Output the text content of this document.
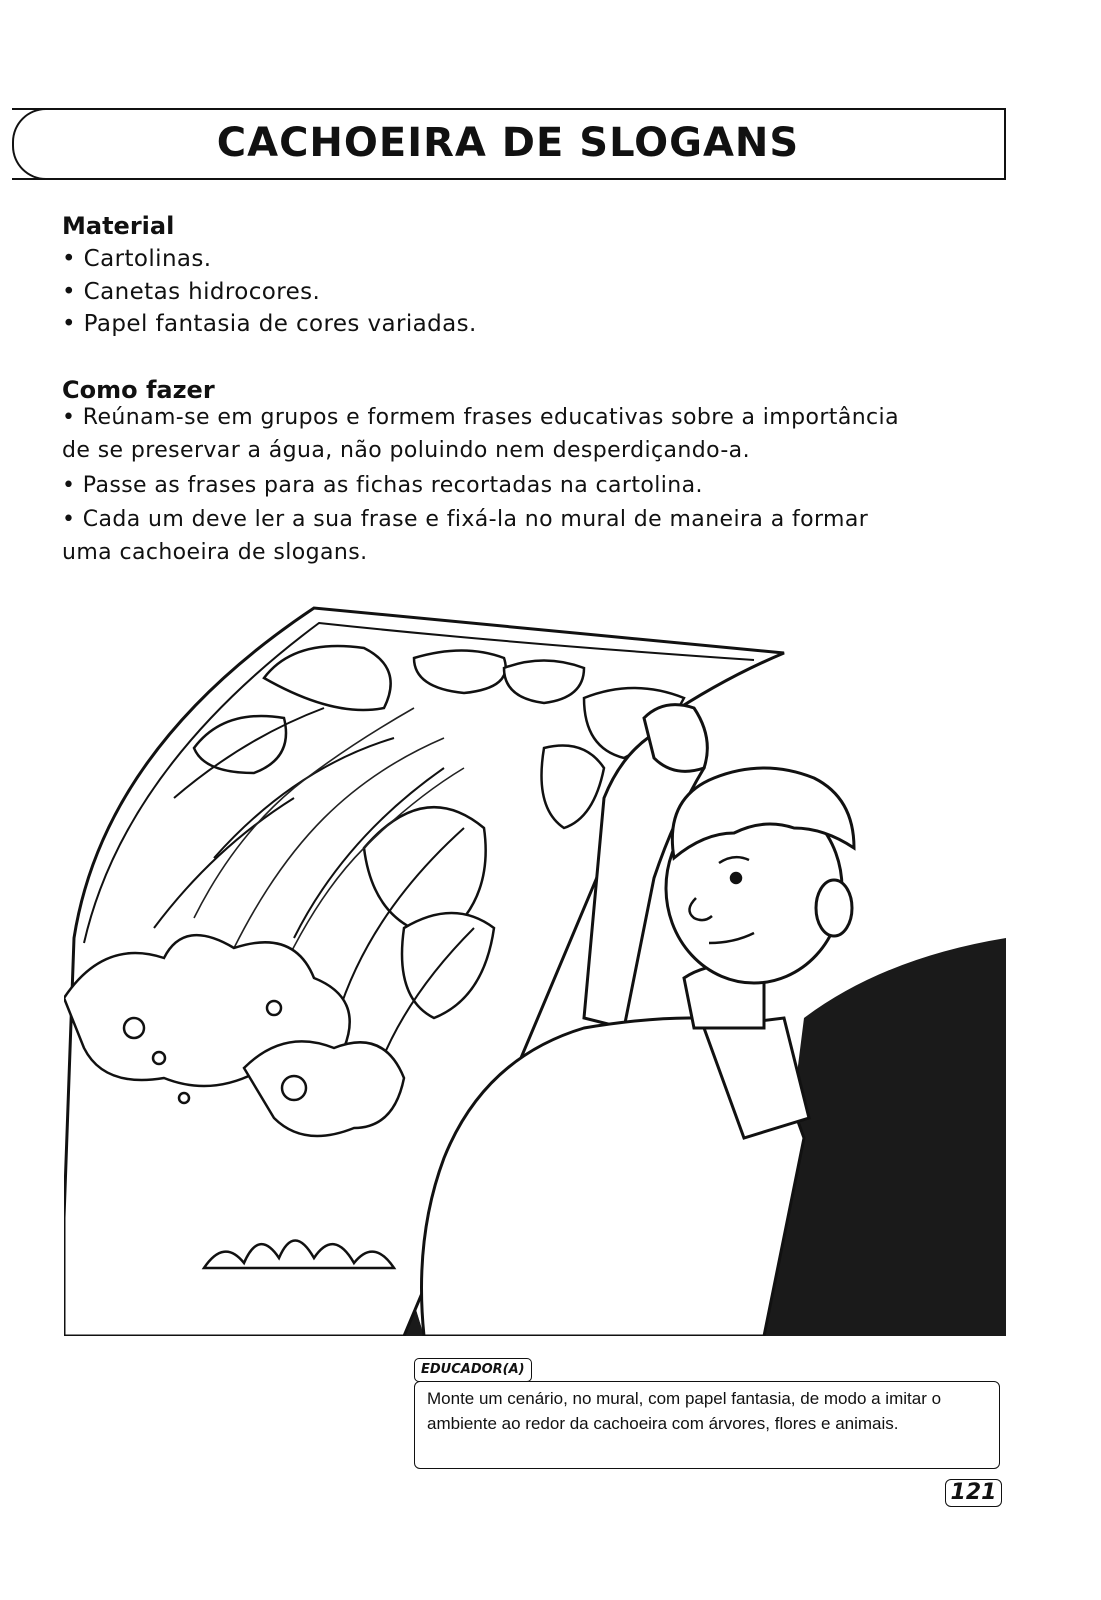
CACHOEIRA DE SLOGANS
Material
• Cartolinas.
• Canetas hidrocores.
• Papel fantasia de cores variadas.
Como fazer
• Reúnam-se em grupos e formem frases educativas sobre a importância
de se preservar a água, não poluindo nem desperdiçando-a.
• Passe as frases para as fichas recortadas na cartolina.
• Cada um deve ler a sua frase e fixá-la no mural de maneira a formar
uma cachoeira de slogans.
EDUCADOR(A)
Monte um cenário, no mural, com papel fantasia, de modo a imitar o ambiente ao redor da cachoeira com árvores, flores e animais.
121
